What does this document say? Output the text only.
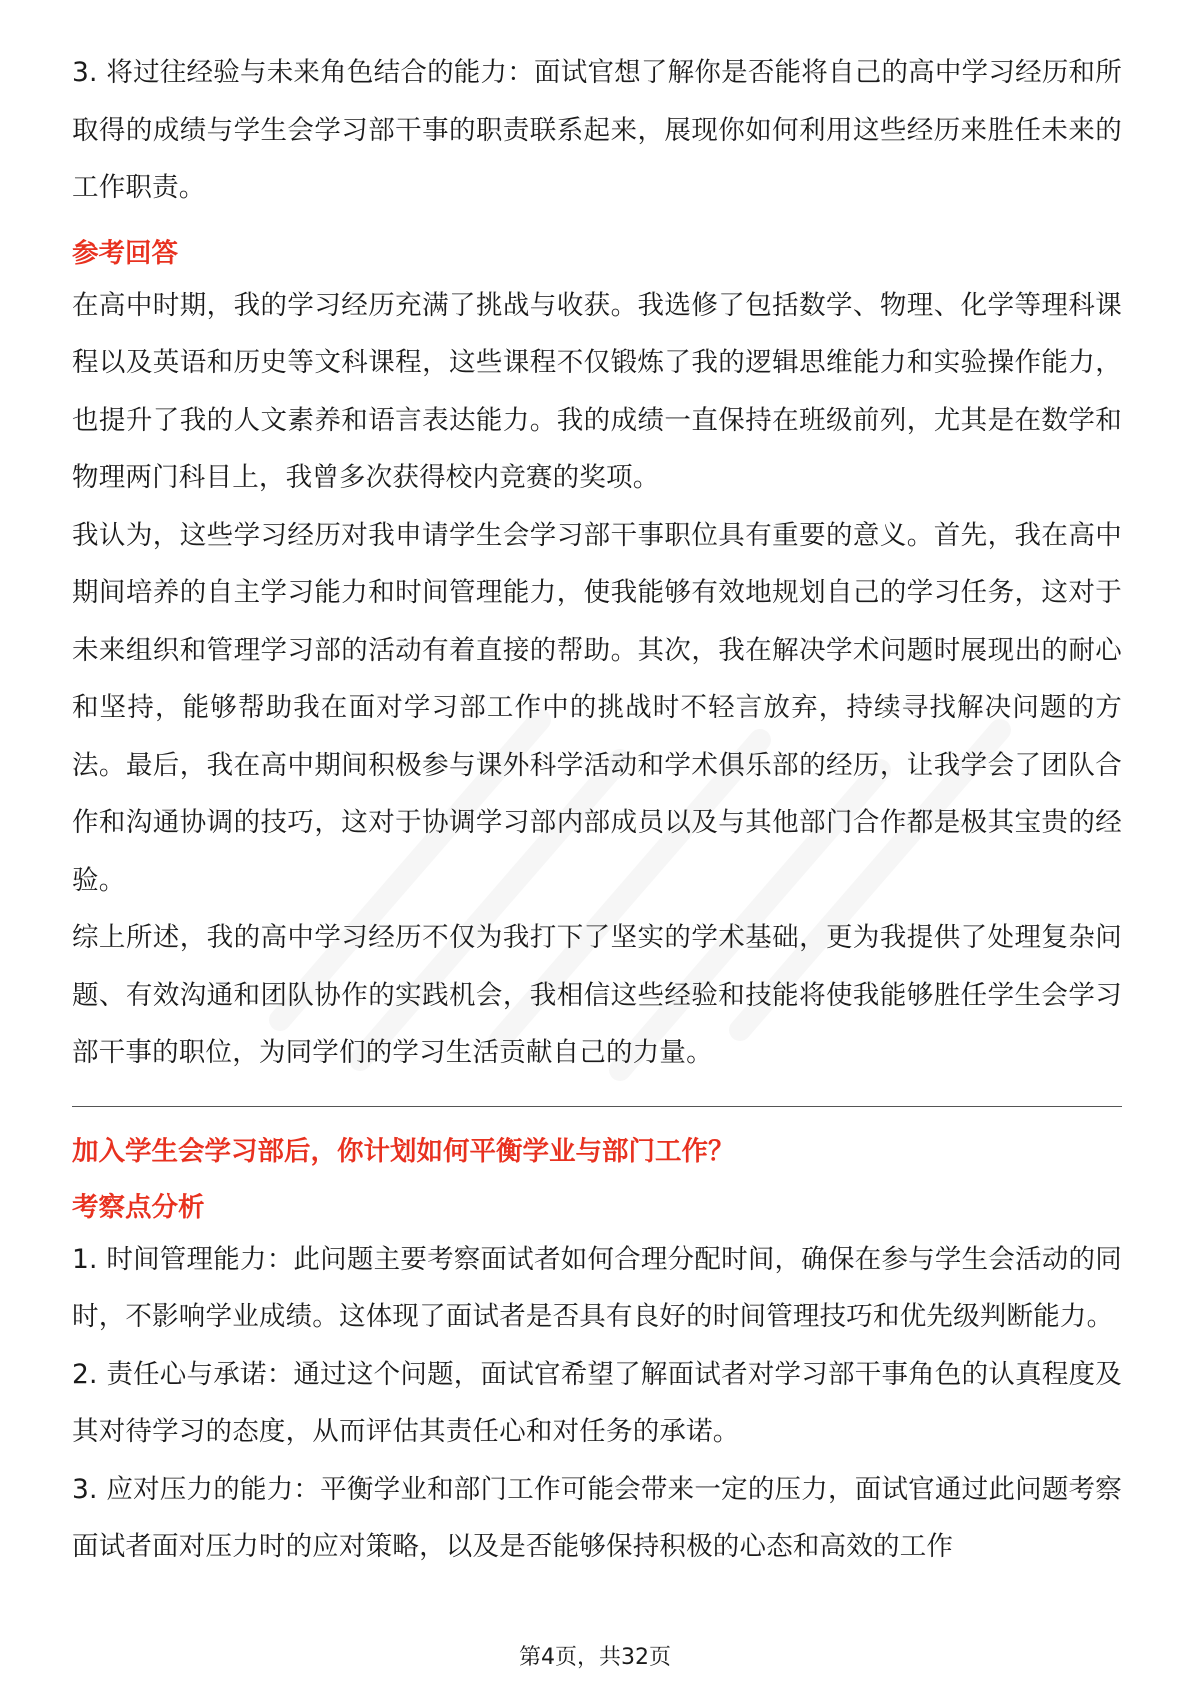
3. 将过往经验与未来角色结合的能力：面试官想了解你是否能将自己的高中学习经历和所取得的成绩与学生会学习部干事的职责联系起来，展现你如何利用这些经历来胜任未来的工作职责。

参考回答

在高中时期，我的学习经历充满了挑战与收获。我选修了包括数学、物理、化学等理科课程以及英语和历史等文科课程，这些课程不仅锻炼了我的逻辑思维能力和实验操作能力，也提升了我的人文素养和语言表达能力。我的成绩一直保持在班级前列，尤其是在数学和物理两门科目上，我曾多次获得校内竞赛的奖项。

我认为，这些学习经历对我申请学生会学习部干事职位具有重要的意义。首先，我在高中期间培养的自主学习能力和时间管理能力，使我能够有效地规划自己的学习任务，这对于未来组织和管理学习部的活动有着直接的帮助。其次，我在解决学术问题时展现出的耐心和坚持，能够帮助我在面对学习部工作中的挑战时不轻言放弃，持续寻找解决问题的方法。最后，我在高中期间积极参与课外科学活动和学术俱乐部的经历，让我学会了团队合作和沟通协调的技巧，这对于协调学习部内部成员以及与其他部门合作都是极其宝贵的经验。

综上所述，我的高中学习经历不仅为我打下了坚实的学术基础，更为我提供了处理复杂问题、有效沟通和团队协作的实践机会，我相信这些经验和技能将使我能够胜任学生会学习部干事的职位，为同学们的学习生活贡献自己的力量。

加入学生会学习部后，你计划如何平衡学业与部门工作？

考察点分析

1. 时间管理能力：此问题主要考察面试者如何合理分配时间，确保在参与学生会活动的同时，不影响学业成绩。这体现了面试者是否具有良好的时间管理技巧和优先级判断能力。

2. 责任心与承诺：通过这个问题，面试官希望了解面试者对学习部干事角色的认真程度及其对待学习的态度，从而评估其责任心和对任务的承诺。

3. 应对压力的能力：平衡学业和部门工作可能会带来一定的压力，面试官通过此问题考察面试者面对压力时的应对策略，以及是否能够保持积极的心态和高效的工作

第4页，共32页
